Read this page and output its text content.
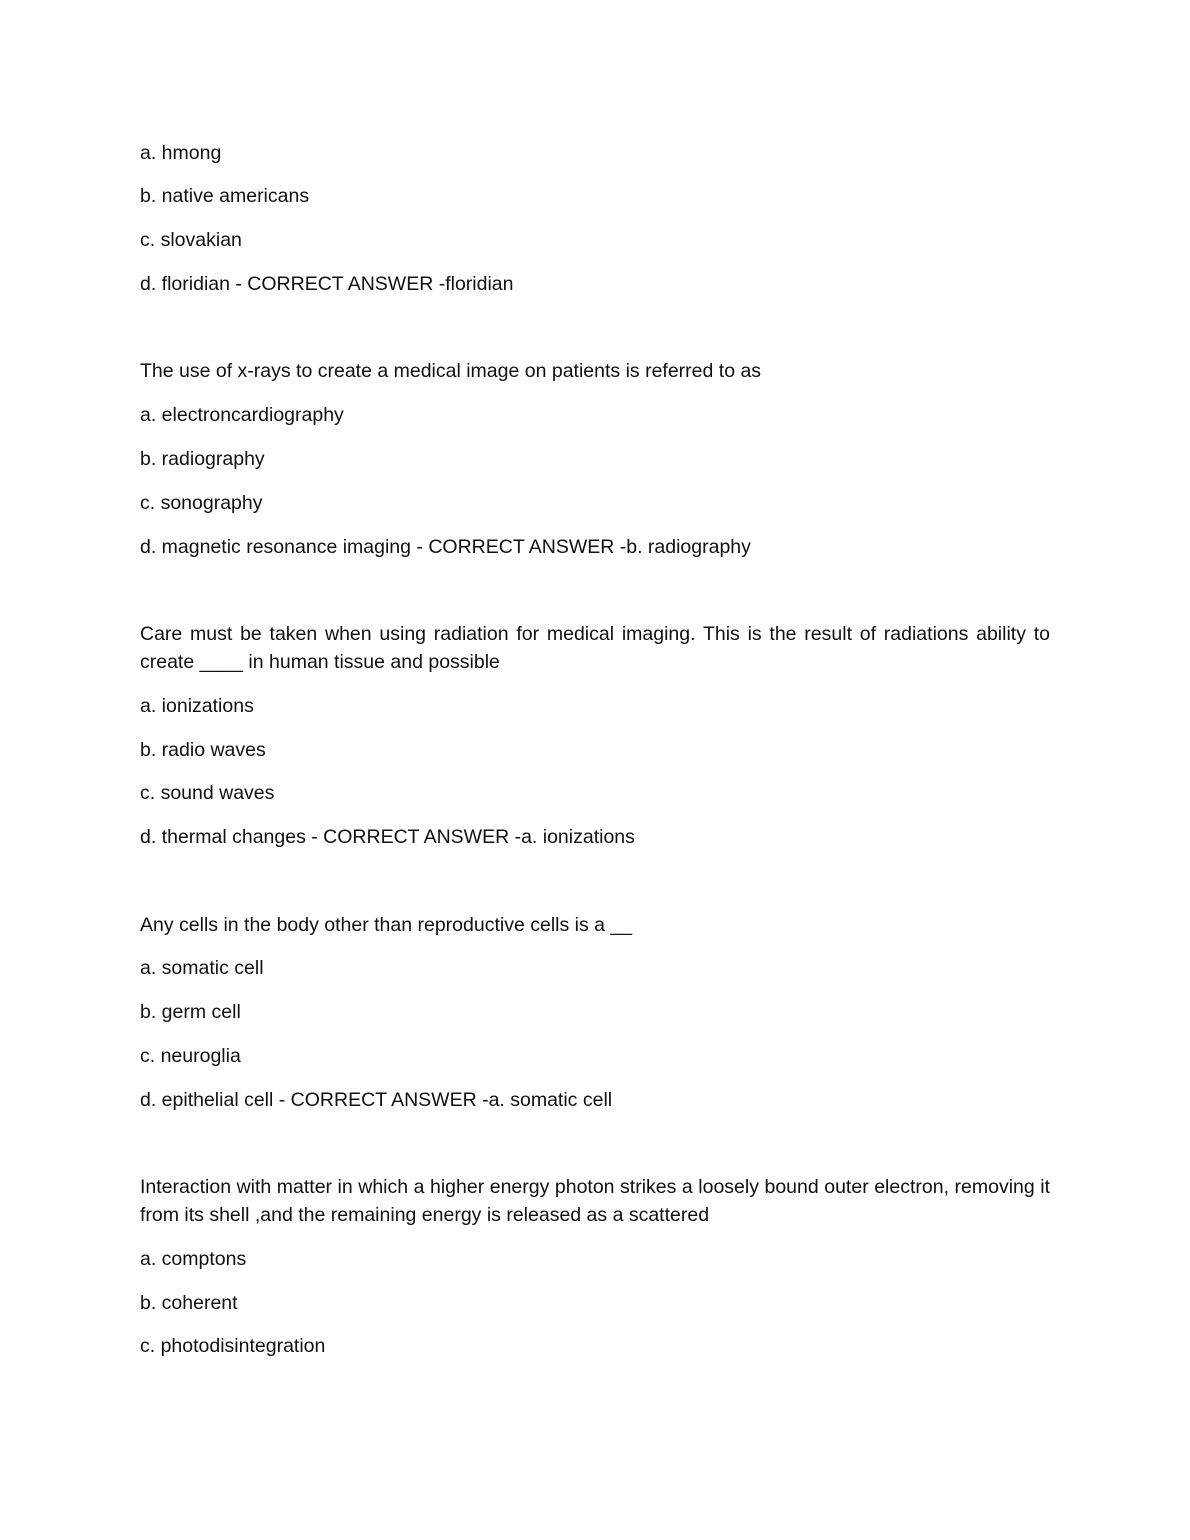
a. hmong
b. native americans
c. slovakian
d. floridian - CORRECT ANSWER -floridian
The use of x-rays to create a medical image on patients is referred to as
a. electroncardiography
b. radiography
c. sonography
d. magnetic resonance imaging - CORRECT ANSWER -b. radiography
Care must be taken when using radiation for medical imaging. This is the result of radiations ability to create ____ in human tissue and possible
a. ionizations
b. radio waves
c. sound waves
d. thermal changes - CORRECT ANSWER -a. ionizations
Any cells in the body other than reproductive cells is a __
a. somatic cell
b. germ cell
c. neuroglia
d. epithelial cell - CORRECT ANSWER -a. somatic cell
Interaction with matter in which a higher energy photon strikes a loosely bound outer electron, removing it from its shell ,and the remaining energy is released as a scattered
a. comptons
b. coherent
c. photodisintegration
